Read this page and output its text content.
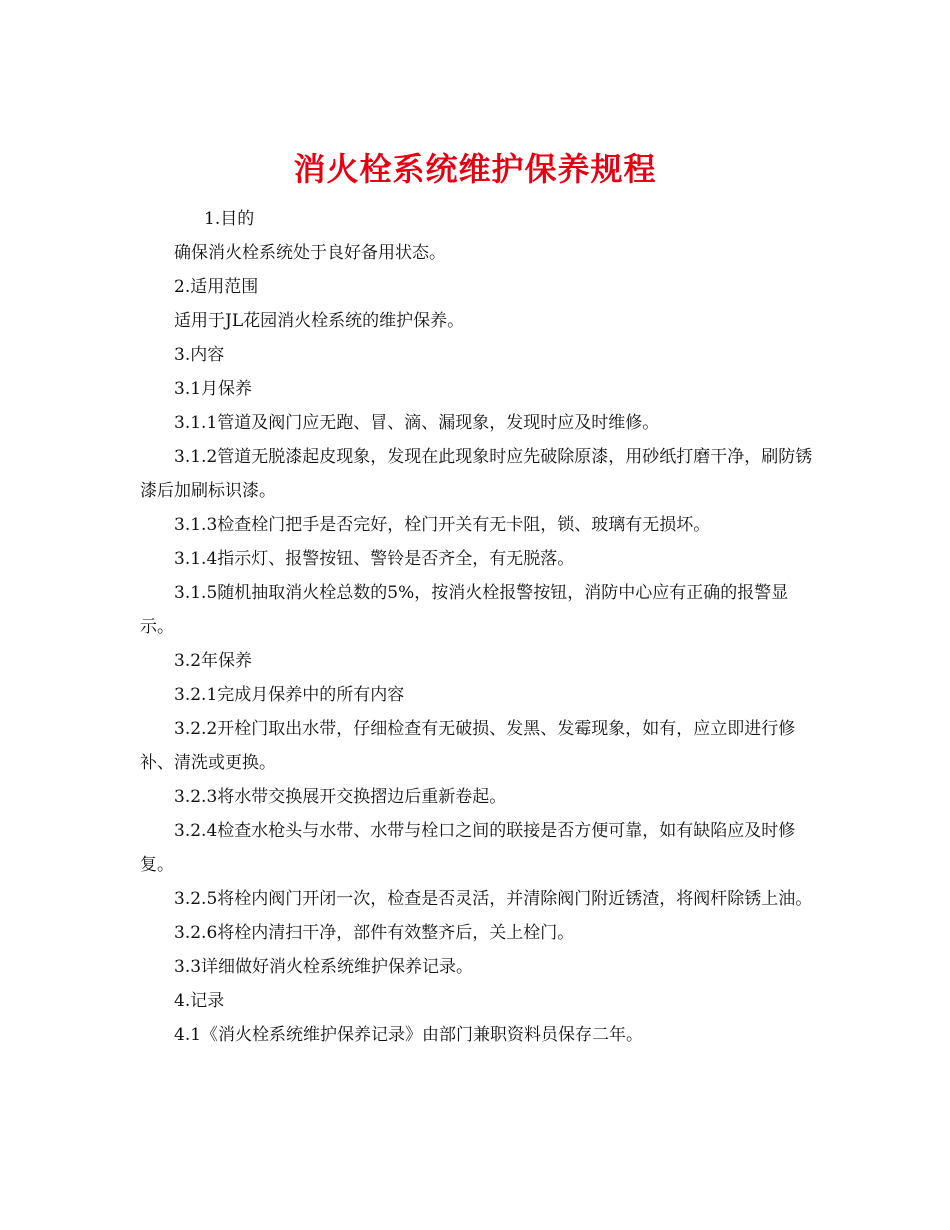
消火栓系统维护保养规程

1.目的

确保消火栓系统处于良好备用状态。

2.适用范围

适用于JL花园消火栓系统的维护保养。

3.内容

3.1月保养

3.1.1管道及阀门应无跑、冒、滴、漏现象，发现时应及时维修。

3.1.2管道无脱漆起皮现象，发现在此现象时应先破除原漆，用砂纸打磨干净，刷防锈漆后加刷标识漆。

3.1.3检查栓门把手是否完好，栓门开关有无卡阻，锁、玻璃有无损坏。

3.1.4指示灯、报警按钮、警铃是否齐全，有无脱落。

3.1.5随机抽取消火栓总数的5%，按消火栓报警按钮，消防中心应有正确的报警显示。

3.2年保养

3.2.1完成月保养中的所有内容

3.2.2开栓门取出水带，仔细检查有无破损、发黑、发霉现象，如有，应立即进行修补、清洗或更换。

3.2.3将水带交换展开交换摺边后重新卷起。

3.2.4检查水枪头与水带、水带与栓口之间的联接是否方便可靠，如有缺陷应及时修复。

3.2.5将栓内阀门开闭一次，检查是否灵活，并清除阀门附近锈渣，将阀杆除锈上油。

3.2.6将栓内清扫干净，部件有效整齐后，关上栓门。

3.3详细做好消火栓系统维护保养记录。

4.记录

4.1《消火栓系统维护保养记录》由部门兼职资料员保存二年。
